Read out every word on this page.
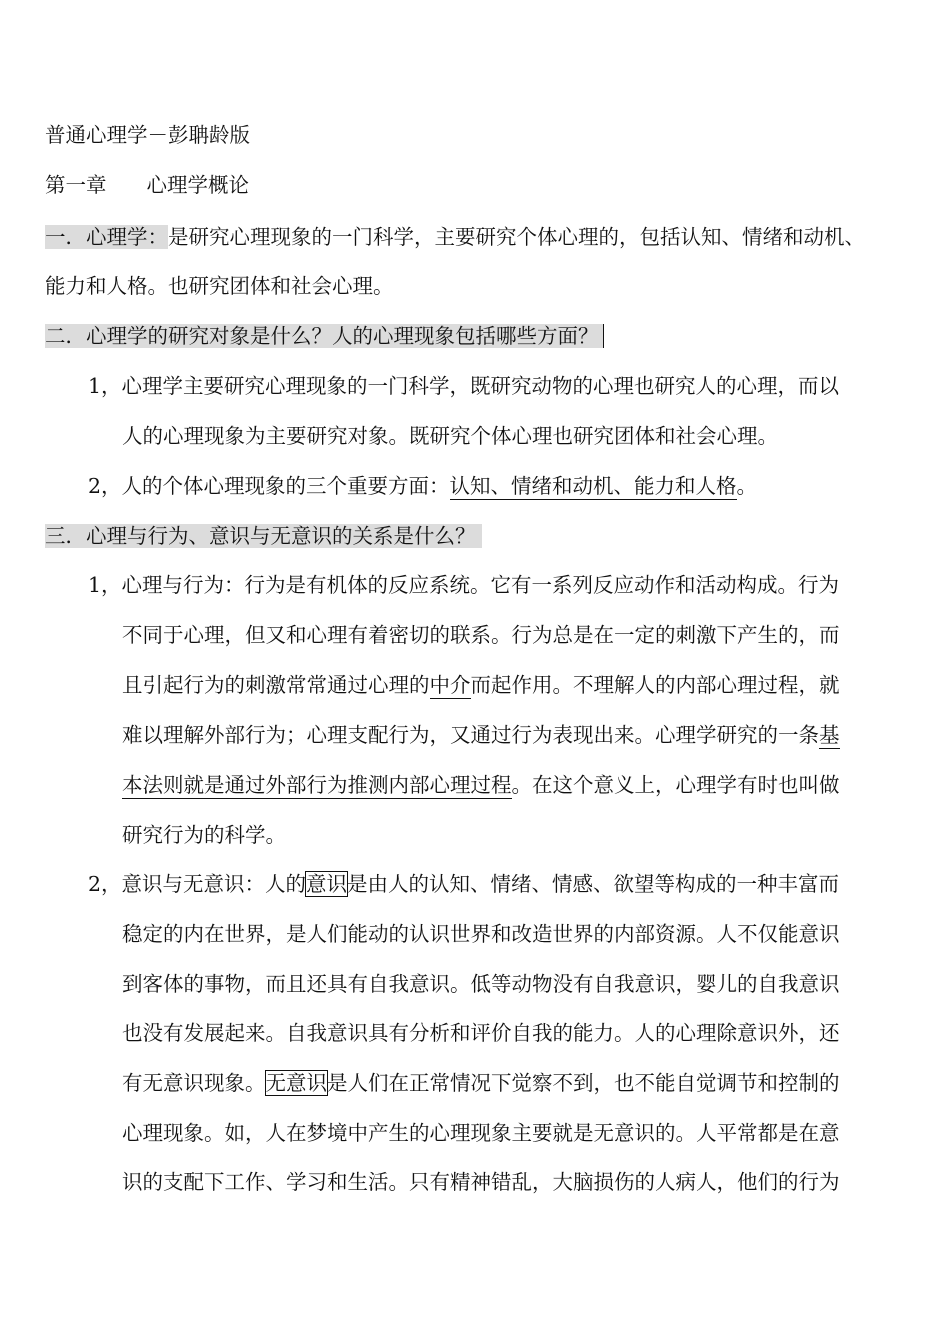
普通心理学－彭聃龄版
第一章 心理学概论
一．心理学：是研究心理现象的一门科学，主要研究个体心理的，包括认知、情绪和动机、
能力和人格。也研究团体和社会心理。
二．心理学的研究对象是什么？人的心理现象包括哪些方面？
1，心理学主要研究心理现象的一门科学，既研究动物的心理也研究人的心理，而以
人的心理现象为主要研究对象。既研究个体心理也研究团体和社会心理。
2，人的个体心理现象的三个重要方面：认知、情绪和动机、能力和人格。
三．心理与行为、意识与无意识的关系是什么？
1，心理与行为：行为是有机体的反应系统。它有一系列反应动作和活动构成。行为
不同于心理，但又和心理有着密切的联系。行为总是在一定的刺激下产生的，而
且引起行为的刺激常常通过心理的中介而起作用。不理解人的内部心理过程，就
难以理解外部行为；心理支配行为，又通过行为表现出来。心理学研究的一条基
本法则就是通过外部行为推测内部心理过程。在这个意义上，心理学有时也叫做
研究行为的科学。
2，意识与无意识：人的意识是由人的认知、情绪、情感、欲望等构成的一种丰富而
稳定的内在世界，是人们能动的认识世界和改造世界的内部资源。人不仅能意识
到客体的事物，而且还具有自我意识。低等动物没有自我意识，婴儿的自我意识
也没有发展起来。自我意识具有分析和评价自我的能力。人的心理除意识外，还
有无意识现象。无意识是人们在正常情况下觉察不到，也不能自觉调节和控制的
心理现象。如，人在梦境中产生的心理现象主要就是无意识的。人平常都是在意
识的支配下工作、学习和生活。只有精神错乱，大脑损伤的人病人，他们的行为
